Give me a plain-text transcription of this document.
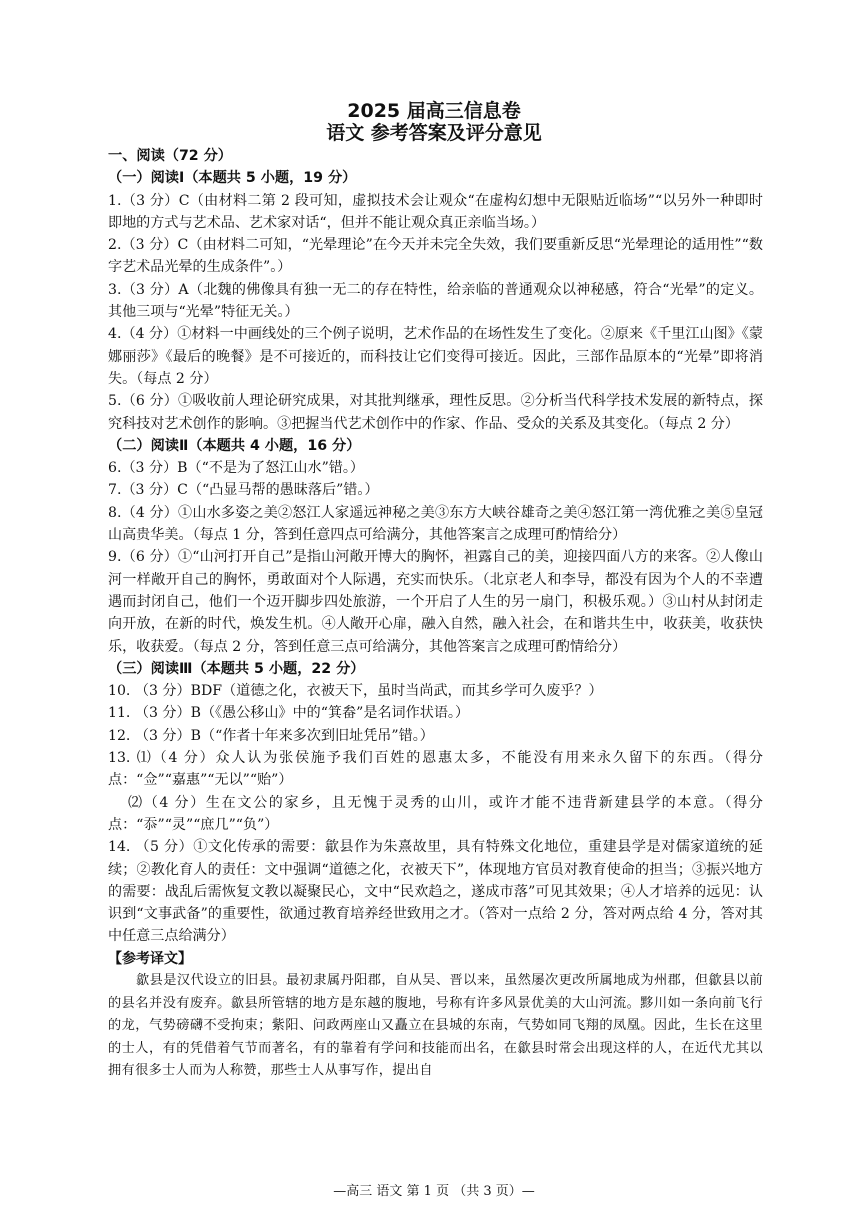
2025 届高三信息卷
语文 参考答案及评分意见

一、阅读（72 分）

（一）阅读Ⅰ（本题共 5 小题，19 分）

1.（3 分）C（由材料二第 2 段可知，虚拟技术会让观众“在虚构幻想中无限贴近临场”“以另外一种即时即地的方式与艺术品、艺术家对话“，但并不能让观众真正亲临当场。）

2.（3 分）C（由材料二可知，“光晕理论”在今天并未完全失效，我们要重新反思“光晕理论的适用性”“数字艺术品光晕的生成条件”。）

3.（3 分）A（北魏的佛像具有独一无二的存在特性，给亲临的普通观众以神秘感，符合“光晕”的定义。其他三项与“光晕”特征无关。）

4.（4 分）①材料一中画线处的三个例子说明，艺术作品的在场性发生了变化。②原来《千里江山图》《蒙娜丽莎》《最后的晚餐》是不可接近的，而科技让它们变得可接近。因此，三部作品原本的“光晕”即将消失。（每点 2 分）

5.（6 分）①吸收前人理论研究成果，对其批判继承，理性反思。②分析当代科学技术发展的新特点，探究科技对艺术创作的影响。③把握当代艺术创作中的作家、作品、受众的关系及其变化。（每点 2 分）

（二）阅读Ⅱ（本题共 4 小题，16 分）

6.（3 分）B（“不是为了怒江山水”错。）

7.（3 分）C（“凸显马帮的愚昧落后”错。）

8.（4 分）①山水多姿之美②怒江人家遥远神秘之美③东方大峡谷雄奇之美④怒江第一湾优雅之美⑤皇冠山高贵华美。（每点 1 分，答到任意四点可给满分，其他答案言之成理可酌情给分）

9.（6 分）①“山河打开自己”是指山河敞开博大的胸怀，袒露自己的美，迎接四面八方的来客。②人像山河一样敞开自己的胸怀，勇敢面对个人际遇，充实而快乐。（北京老人和李导，都没有因为个人的不幸遭遇而封闭自己，他们一个迈开脚步四处旅游，一个开启了人生的另一扇门，积极乐观。）③山村从封闭走向开放，在新的时代，焕发生机。④人敞开心扉，融入自然，融入社会，在和谐共生中，收获美，收获快乐，收获爱。（每点 2 分，答到任意三点可给满分，其他答案言之成理可酌情给分）

（三）阅读Ⅲ（本题共 5 小题，22 分）

10. （3 分）BDF（道德之化，衣被天下，虽时当尚武，而其乡学可久废乎？）

11. （3 分）B（《愚公移山》中的“箕畚”是名词作状语。）

12. （3 分）B（“作者十年来多次到旧址凭吊”错。）

13. ⑴（4 分）众人认为张侯施予我们百姓的恩惠太多，不能没有用来永久留下的东西。（得分点：“佥”“嘉惠”“无以”“贻”）

⑵（4 分）生在文公的家乡，且无愧于灵秀的山川，或许才能不违背新建县学的本意。（得分点：“忝”“灵”“庶几”“负”）

14. （5 分）①文化传承的需要：歙县作为朱熹故里，具有特殊文化地位，重建县学是对儒家道统的延续；②教化育人的责任：文中强调“道德之化，衣被天下”，体现地方官员对教育使命的担当；③振兴地方的需要：战乱后需恢复文教以凝聚民心，文中“民欢趋之，遂成市落”可见其效果；④人才培养的远见：认识到“文事武备”的重要性，欲通过教育培养经世致用之才。（答对一点给 2 分，答对两点给 4 分，答对其中任意三点给满分）

【参考译文】

歙县是汉代设立的旧县。最初隶属丹阳郡，自从吴、晋以来，虽然屡次更改所属地成为州郡，但歙县以前的县名并没有废弃。歙县所管辖的地方是东越的腹地，号称有许多风景优美的大山河流。黟川如一条向前飞行的龙，气势磅礴不受拘束；紫阳、问政两座山又矗立在县城的东南，气势如同飞翔的凤凰。因此，生长在这里的士人，有的凭借着气节而著名，有的靠着有学问和技能而出名，在歙县时常会出现这样的人，在近代尤其以拥有很多士人而为人称赞，那些士人从事写作，提出自

—高三 语文 第 1 页 （共 3 页）—
